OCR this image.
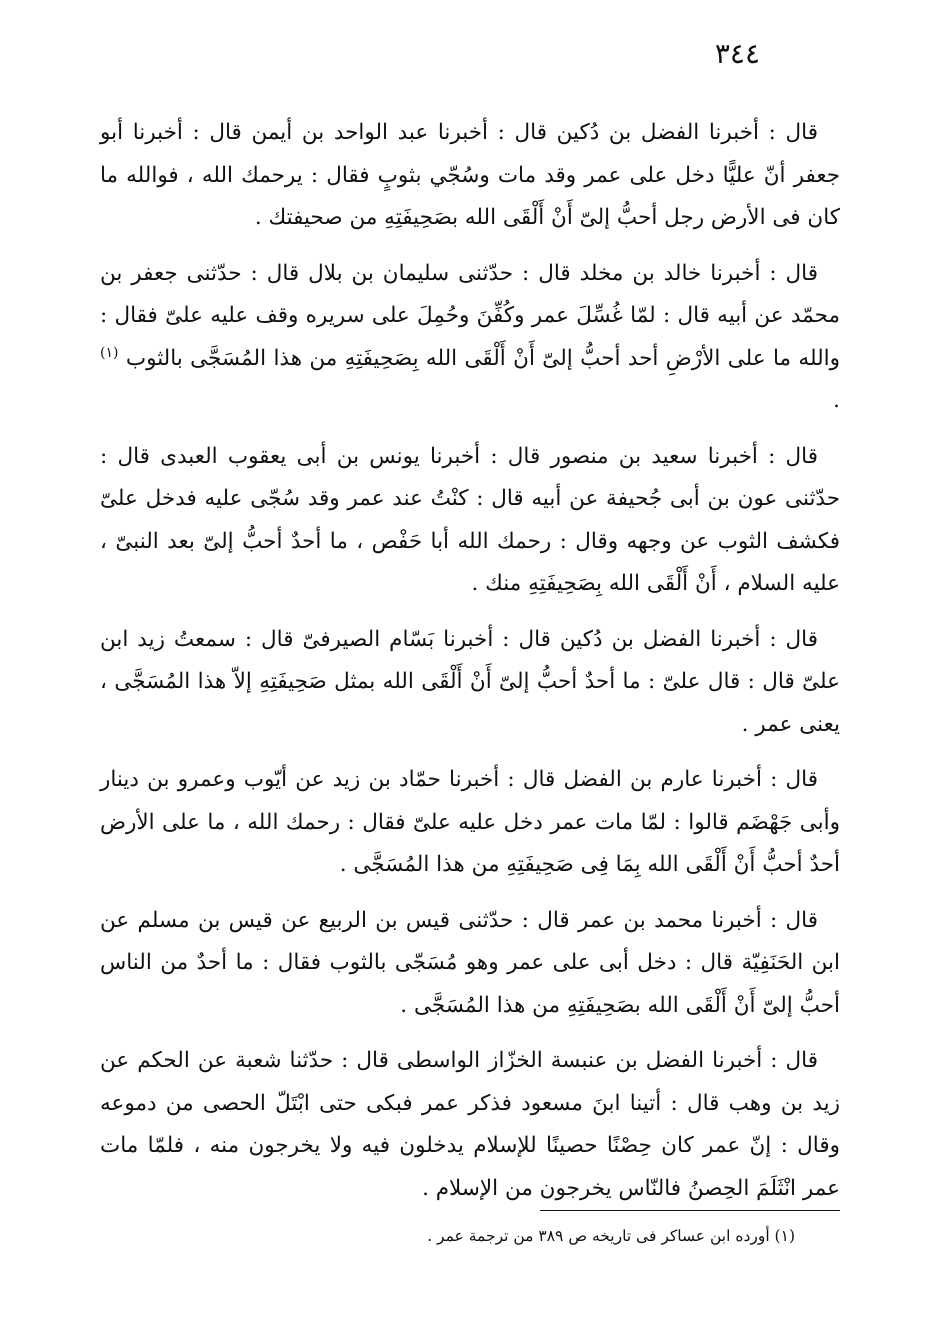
٣٤٤

قال : أخبرنا الفضل بن دُكين قال : أخبرنا عبد الواحد بن أيمن قال : أخبرنا أبو جعفر أنّ عليًّا دخل على عمر وقد مات وسُجّي بثوبٍ فقال : يرحمك الله ، فوالله ما كان فى الأرض رجل أحبُّ إلىّ أَنْ أَلْقَى الله بصَحِيفَتِهِ من صحيفتك .

قال : أخبرنا خالد بن مخلد قال : حدّثنى سليمان بن بلال قال : حدّثنى جعفر بن محمّد عن أبيه قال : لمّا غُسِّلَ عمر وكُفِّنَ وحُمِلَ على سريره وقف عليه علىّ فقال : والله ما على الأرْضِ أحد أحبُّ إلىّ أَنْ أَلْقَى الله بِصَحِيفَتِهِ من هذا المُسَجَّى بالثوب $^{(١)}$ .

قال : أخبرنا سعيد بن منصور قال : أخبرنا يونس بن أبى يعقوب العبدى قال : حدّثنى عون بن أبى جُحيفة عن أبيه قال : كنْتُ عند عمر وقد سُجّى عليه فدخل علىّ فكشف الثوب عن وجهه وقال : رحمك الله أبا حَفْص ، ما أحدٌ أحبُّ إلىّ بعد النبىّ ، عليه السلام ، أَنْ أَلْقَى الله بِصَحِيفَتِهِ منك .

قال : أخبرنا الفضل بن دُكين قال : أخبرنا بَسّام الصيرفىّ قال : سمعتُ زيد ابن علىّ قال : قال علىّ : ما أحدٌ أحبُّ إلىّ أَنْ أَلْقَى الله بمثل صَحِيفَتِهِ إلاّ هذا المُسَجَّى ، يعنى عمر .

قال : أخبرنا عارم بن الفضل قال : أخبرنا حمّاد بن زيد عن أيّوب وعمرو بن دينار وأبى جَهْضَم قالوا : لمّا مات عمر دخل عليه علىّ فقال : رحمك الله ، ما على الأرض أحدٌ أحبُّ أَنْ أَلْقَى الله بِمَا فِى صَحِيفَتِهِ من هذا المُسَجَّى .

قال : أخبرنا محمد بن عمر قال : حدّثنى قيس بن الربيع عن قيس بن مسلم عن ابن الحَنَفِيّة قال : دخل أبى على عمر وهو مُسَجّى بالثوب فقال : ما أحدٌ من الناس أحبُّ إلىّ أَنْ أَلْقَى الله بصَحِيفَتِهِ من هذا المُسَجَّى .

قال : أخبرنا الفضل بن عنبسة الخزّاز الواسطى قال : حدّثنا شعبة عن الحكم عن زيد بن وهب قال : أتينا ابنَ مسعود فذكر عمر فبكى حتى ابْتَلّ الحصى من دموعه وقال : إنّ عمر كان حِصْنًا حصينًا للإسلام يدخلون فيه ولا يخرجون منه ، فلمّا مات عمر انْثَلَمَ الحِصنُ فالنّاس يخرجون من الإسلام .

(١) أورده ابن عساكر فى تاريخه ص ٣٨٩ من ترجمة عمر .
